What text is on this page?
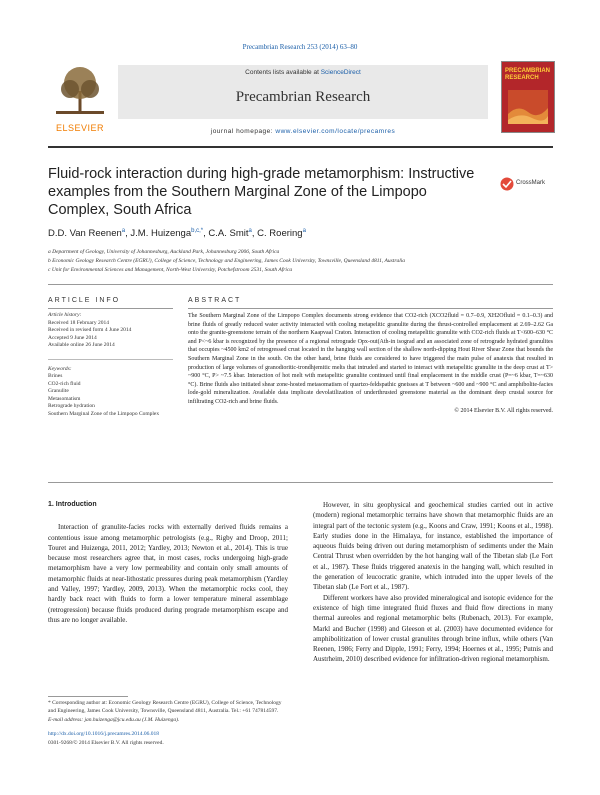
Precambrian Research 253 (2014) 63–80
ELSEVIER
Contents lists available at ScienceDirect
Precambrian Research
journal homepage: www.elsevier.com/locate/precamres
PRECAMBRIAN
RESEARCH
Fluid-rock interaction during high-grade metamorphism: Instructive examples from the Southern Marginal Zone of the Limpopo Complex, South Africa
CrossMark
D.D. Van Reenen$^a$, J.M. Huizenga$^{b,c,*}$, C.A. Smit$^a$, C. Roering$^a$
a Department of Geology, University of Johannesburg, Auckland Park, Johannesburg 2006, South Africa
b Economic Geology Research Centre (EGRU), College of Science, Technology and Engineering, James Cook University, Townsville, Queensland 4811, Australia
c Unit for Environmental Sciences and Management, North-West University, Potchefstroom 2531, South Africa
ARTICLE INFO	ABSTRACT
Article history:
Received 18 February 2014
Received in revised form 4 June 2014
Accepted 9 June 2014
Available online 26 June 2014
Keywords:
Brines
CO2-rich fluid
Granulite
Metasomatism
Retrograde hydration
Southern Marginal Zone of the Limpopo Complex
The Southern Marginal Zone of the Limpopo Complex documents strong evidence that CO2-rich (XCO2fluid = 0.7–0.9, XH2Ofluid = 0.1–0.3) and brine fluids of greatly reduced water activity interacted with cooling metapelitic granulite during the thrust-controlled emplacement at 2.69–2.62 Ga onto the granite-greenstone terrain of the northern Kaapvaal Craton. Interaction of cooling metapelitic granulite with CO2-rich fluids at T<600–630 °C and P<~6 kbar is recognized by the presence of a regional retrograde Opx-out(Ath-in isograd and an associated zone of retrograde hydrated granulites that occupies ~4500 km2 of retrogressed crust located in the hanging wall section of the shallow north-dipping Hout River Shear Zone that bounds the Southern Marginal Zone in the south. On the other hand, brine fluids are considered to have triggered the main pulse of anatexis that resulted in production of large volumes of granodioritic-trondhjemitic melts that intruded and started to interact with metapelitic granulite in the deep crust at T> ~900 °C, P> ~7.5 kbar. Interaction of hot melt with metapelitic granulite continued until final emplacement in the middle crust (P=~6 kbar, T=~630 °C). Brine fluids also initiated shear zone-hosted metasomatism of quartzo-feldspathic gneisses at T between ~600 and ~900 °C and amphibolite-facies lode-gold mineralization. Available data implicate devolatilization of underthrusted greenstone material as the dominant deep crustal source for infiltrating CO2-rich and brine fluids.
© 2014 Elsevier B.V. All rights reserved.

1. Introduction

Interaction of granulite-facies rocks with externally derived fluids remains a contentious issue among metamorphic petrologists (e.g., Rigby and Droop, 2011; Touret and Huizenga, 2011, 2012; Yardley, 2013; Newton et al., 2014). This is true because most researchers agree that, in most cases, rocks undergoing high-grade metamorphism have a very low permeability and contain only small amounts of metamorphic fluids at near-lithostatic pressures during peak metamorphism (Yardley and Valley, 1997; Yardley, 2009, 2013). When the metamorphic rocks cool, they hardly back react with fluids to form a lower temperature mineral assemblage (retrogression) because fluids produced during prograde metamorphism escape and thus are no longer available.

However, in situ geophysical and geochemical studies carried out in active (modern) regional metamorphic terrains have shown that metamorphic fluids are an integral part of the tectonic system (e.g., Koons and Craw, 1991; Koons et al., 1998). Early studies done in the Himalaya, for instance, established the importance of aqueous fluids being driven out during metamorphism of sediments under the Main Central Thrust when overridden by the hot hanging wall of the Tibetan slab (Le Fort et al., 1987). These fluids triggered anatexis in the hanging wall, which resulted in the generation of leucocratic granite, which intruded into the upper levels of the Tibetan slab (Le Fort et al., 1987).

Different workers have also provided mineralogical and isotopic evidence for the existence of high time integrated fluid fluxes and fluid flow directions in many thermal aureoles and regional metamorphic belts (Rubenach, 2013). For example, Markl and Bucher (1998) and Gleeson et al. (2003) have documented evidence for amphibolitization of lower crustal granulites through brine influx, while others (Van Reenen, 1986; Ferry and Dipple, 1991; Ferry, 1994; Hoernes et al., 1995; Putnis and Austrheim, 2010) described evidence for infiltration-driven regional metamorphism.

* Corresponding author at: Economic Geology Research Centre (EGRU), College of Science, Technology and Engineering, James Cook University, Townsville, Queensland 4811, Australia. Tel.: +61 747814597.

E-mail address: jan.huizenga@jcu.edu.au (J.M. Huizenga).

http://dx.doi.org/10.1016/j.precamres.2014.06.018

0301-9268/© 2014 Elsevier B.V. All rights reserved.
